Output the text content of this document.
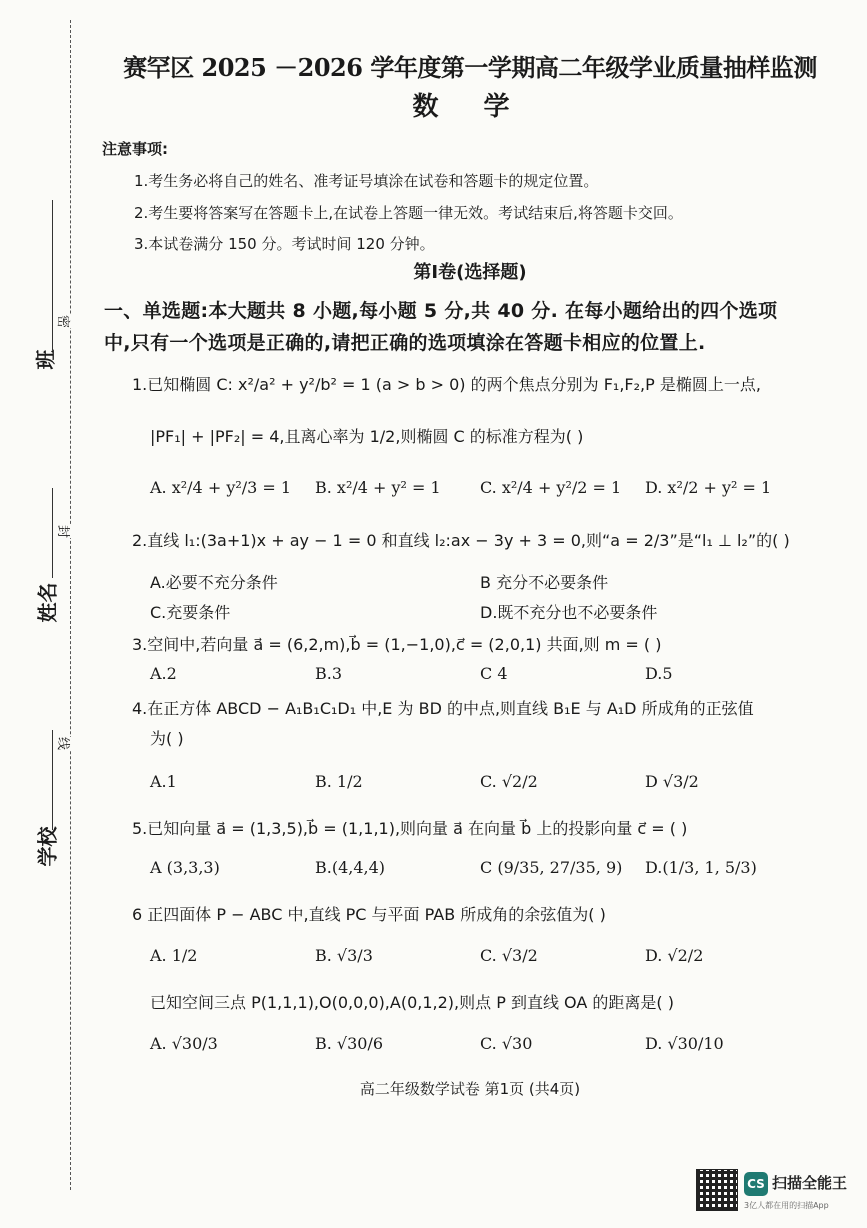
班
姓名
学校
密
封
线
赛罕区 2025 －2026 学年度第一学期高二年级学业质量抽样监测
数 学
注意事项:
1.考生务必将自己的姓名、准考证号填涂在试卷和答题卡的规定位置。
2.考生要将答案写在答题卡上,在试卷上答题一律无效。考试结束后,将答题卡交回。
3.本试卷满分 150 分。考试时间 120 分钟。
第Ⅰ卷(选择题)
一、单选题:本大题共 8 小题,每小题 5 分,共 40 分. 在每小题给出的四个选项
中,只有一个选项是正确的,请把正确的选项填涂在答题卡相应的位置上.
1.已知椭圆 C: x²/a² + y²/b² = 1 (a > b > 0) 的两个焦点分别为 F₁,F₂,P 是椭圆上一点,
|PF₁| + |PF₂| = 4,且离心率为 1/2,则椭圆 C 的标准方程为( )
A. x²/4 + y²/3 = 1 B. x²/4 + y² = 1 C. x²/4 + y²/2 = 1 D. x²/2 + y² = 1
2.直线 l₁:(3a+1)x + ay − 1 = 0 和直线 l₂:ax − 3y + 3 = 0,则“a = 2/3”是“l₁ ⊥ l₂”的( )
A.必要不充分条件	B 充分不必要条件
C.充要条件	D.既不充分也不必要条件
3.空间中,若向量 a⃗ = (6,2,m),b⃗ = (1,−1,0),c⃗ = (2,0,1) 共面,则 m = ( )
A.2	B.3	C 4	D.5
4.在正方体 ABCD − A₁B₁C₁D₁ 中,E 为 BD 的中点,则直线 B₁E 与 A₁D 所成角的正弦值
为( )
A.1	B. 1/2	C. √2/2	D √3/2
5.已知向量 a⃗ = (1,3,5),b⃗ = (1,1,1),则向量 a⃗ 在向量 b⃗ 上的投影向量 c⃗ = ( )
A (3,3,3)	B.(4,4,4)	C (9/35, 27/35, 9) D.(1/3, 1, 5/3)
6 正四面体 P − ABC 中,直线 PC 与平面 PAB 所成角的余弦值为( )
A. 1/2	B. √3/3	C. √3/2	D. √2/2
已知空间三点 P(1,1,1),O(0,0,0),A(0,1,2),则点 P 到直线 OA 的距离是( )
A. √30/3	B. √30/6	C. √30	D. √30/10
高二年级数学试卷 第1页 (共4页)
CS 扫描全能王
3亿人都在用的扫描App
